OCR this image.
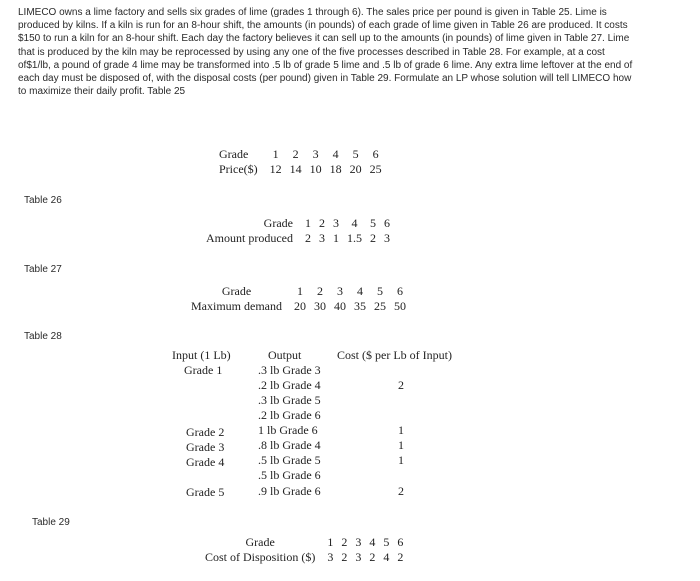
LIMECO owns a lime factory and sells six grades of lime (grades 1 through 6). The sales price per pound is given in Table 25. Lime is produced by kilns. If a kiln is run for an 8-hour shift, the amounts (in pounds) of each grade of lime given in Table 26 are produced. It costs $150 to run a kiln for an 8-hour shift. Each day the factory believes it can sell up to the amounts (in pounds) of lime given in Table 27. Lime that is produced by the kiln may be reprocessed by using any one of the five processes described in Table 28. For example, at a cost of$1/lb, a pound of grade 4 lime may be transformed into .5 lb of grade 5 lime and .5 lb of grade 6 lime. Any extra lime leftover at the end of each day must be disposed of, with the disposal costs (per pound) given in Table 29. Formulate an LP whose solution will tell LIMECO how to maximize their daily profit. Table 25

Grade	1	2	3	4	5	6
Price($)	12	14	10	18	20	25
Table 26
Grade	1	2	3	4	5	6
Amount produced	2	3	1	1.5	2	3
Table 27
Grade	1	2	3	4	5	6
Maximum demand	20	30	40	35	25	50
Table 28
Input (1 Lb)	Output	Cost ($ per Lb of Input)
Grade 1	.3 lb Grade 3
.2 lb Grade 4	2
.3 lb Grade 5
.2 lb Grade 6
Grade 2	1 lb Grade 6	1
Grade 3	.8 lb Grade 4	1
Grade 4	.5 lb Grade 5	1
.5 lb Grade 6
Grade 5	.9 lb Grade 6	2
Table 29
Grade	1	2	3	4	5	6
Cost of Disposition ($)	3	2	3	2	4	2
